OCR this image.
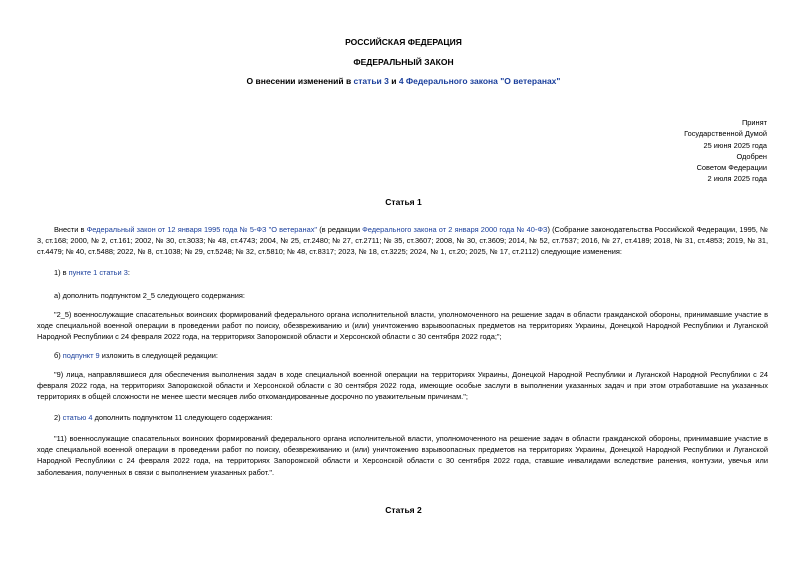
РОССИЙСКАЯ ФЕДЕРАЦИЯ
ФЕДЕРАЛЬНЫЙ ЗАКОН
О внесении изменений в статьи 3 и 4 Федерального закона "О ветеранах"
Принят
Государственной Думой
25 июня 2025 года
Одобрен
Советом Федерации
2 июля 2025 года
Статья 1
Внести в Федеральный закон от 12 января 1995 года № 5-ФЗ "О ветеранах" (в редакции Федерального закона от 2 января 2000 года № 40-ФЗ) (Собрание законодательства Российской Федерации, 1995, № 3, ст.168; 2000, № 2, ст.161; 2002, № 30, ст.3033; № 48, ст.4743; 2004, № 25, ст.2480; № 27, ст.2711; № 35, ст.3607; 2008, № 30, ст.3609; 2014, № 52, ст.7537; 2016, № 27, ст.4189; 2018, № 31, ст.4853; 2019, № 31, ст.4479; № 40, ст.5488; 2022, № 8, ст.1038; № 29, ст.5248; № 32, ст.5810; № 48, ст.8317; 2023, № 18, ст.3225; 2024, № 1, ст.20; 2025, № 17, ст.2112) следующие изменения:
1) в пункте 1 статьи 3:
а) дополнить подпунктом 2_5 следующего содержания:
"2_5) военнослужащие спасательных воинских формирований федерального органа исполнительной власти, уполномоченного на решение задач в области гражданской обороны, принимавшие участие в ходе специальной военной операции в проведении работ по поиску, обезвреживанию и (или) уничтожению взрывоопасных предметов на территориях Украины, Донецкой Народной Республики и Луганской Народной Республики с 24 февраля 2022 года, на территориях Запорожской области и Херсонской области с 30 сентября 2022 года;";
б) подпункт 9 изложить в следующей редакции:
"9) лица, направлявшиеся для обеспечения выполнения задач в ходе специальной военной операции на территориях Украины, Донецкой Народной Республики и Луганской Народной Республики с 24 февраля 2022 года, на территориях Запорожской области и Херсонской области с 30 сентября 2022 года, имеющие особые заслуги в выполнении указанных задач и при этом отработавшие на указанных территориях в общей сложности не менее шести месяцев либо откомандированные досрочно по уважительным причинам.";
2) статью 4 дополнить подпунктом 11 следующего содержания:
"11) военнослужащие спасательных воинских формирований федерального органа исполнительной власти, уполномоченного на решение задач в области гражданской обороны, принимавшие участие в ходе специальной военной операции в проведении работ по поиску, обезвреживанию и (или) уничтожению взрывоопасных предметов на территориях Украины, Донецкой Народной Республики и Луганской Народной Республики с 24 февраля 2022 года, на территориях Запорожской области и Херсонской области с 30 сентября 2022 года, ставшие инвалидами вследствие ранения, контузии, увечья или заболевания, полученных в связи с выполнением указанных работ.".
Статья 2
